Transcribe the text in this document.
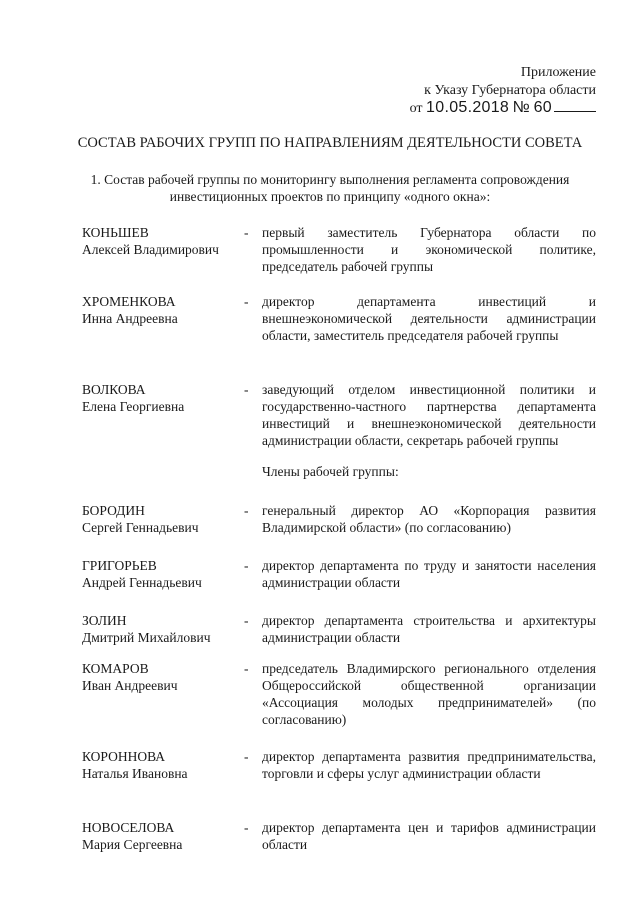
Приложение
к Указу Губернатора области
от 10.05.2018 № 60
СОСТАВ РАБОЧИХ ГРУПП ПО НАПРАВЛЕНИЯМ ДЕЯТЕЛЬНОСТИ СОВЕТА
1. Состав рабочей группы по мониторингу выполнения регламента сопровождения инвестиционных проектов по принципу «одного окна»:
КОНЬШЕВ
Алексей Владимирович
- первый заместитель Губернатора области по промышленности и экономической политике, председатель рабочей группы
ХРОМЕНКОВА
Инна Андреевна
- директор департамента инвестиций и внешнеэкономической деятельности администрации области, заместитель председателя рабочей группы
ВОЛКОВА
Елена Георгиевна
- заведующий отделом инвестиционной политики и государственно-частного партнерства департамента инвестиций и внешнеэкономической деятельности администрации области, секретарь рабочей группы
Члены рабочей группы:
БОРОДИН
Сергей Геннадьевич
- генеральный директор АО «Корпорация развития Владимирской области» (по согласованию)
ГРИГОРЬЕВ
Андрей Геннадьевич
- директор департамента по труду и занятости населения администрации области
ЗОЛИН
Дмитрий Михайлович
- директор департамента строительства и архитектуры администрации области
КОМАРОВ
Иван Андреевич
- председатель Владимирского регионального отделения Общероссийской общественной организации «Ассоциация молодых предпринимателей» (по согласованию)
КОРОННОВА
Наталья Ивановна
- директор департамента развития предпринимательства, торговли и сферы услуг администрации области
НОВОСЕЛОВА
Мария Сергеевна
- директор департамента цен и тарифов администрации области
